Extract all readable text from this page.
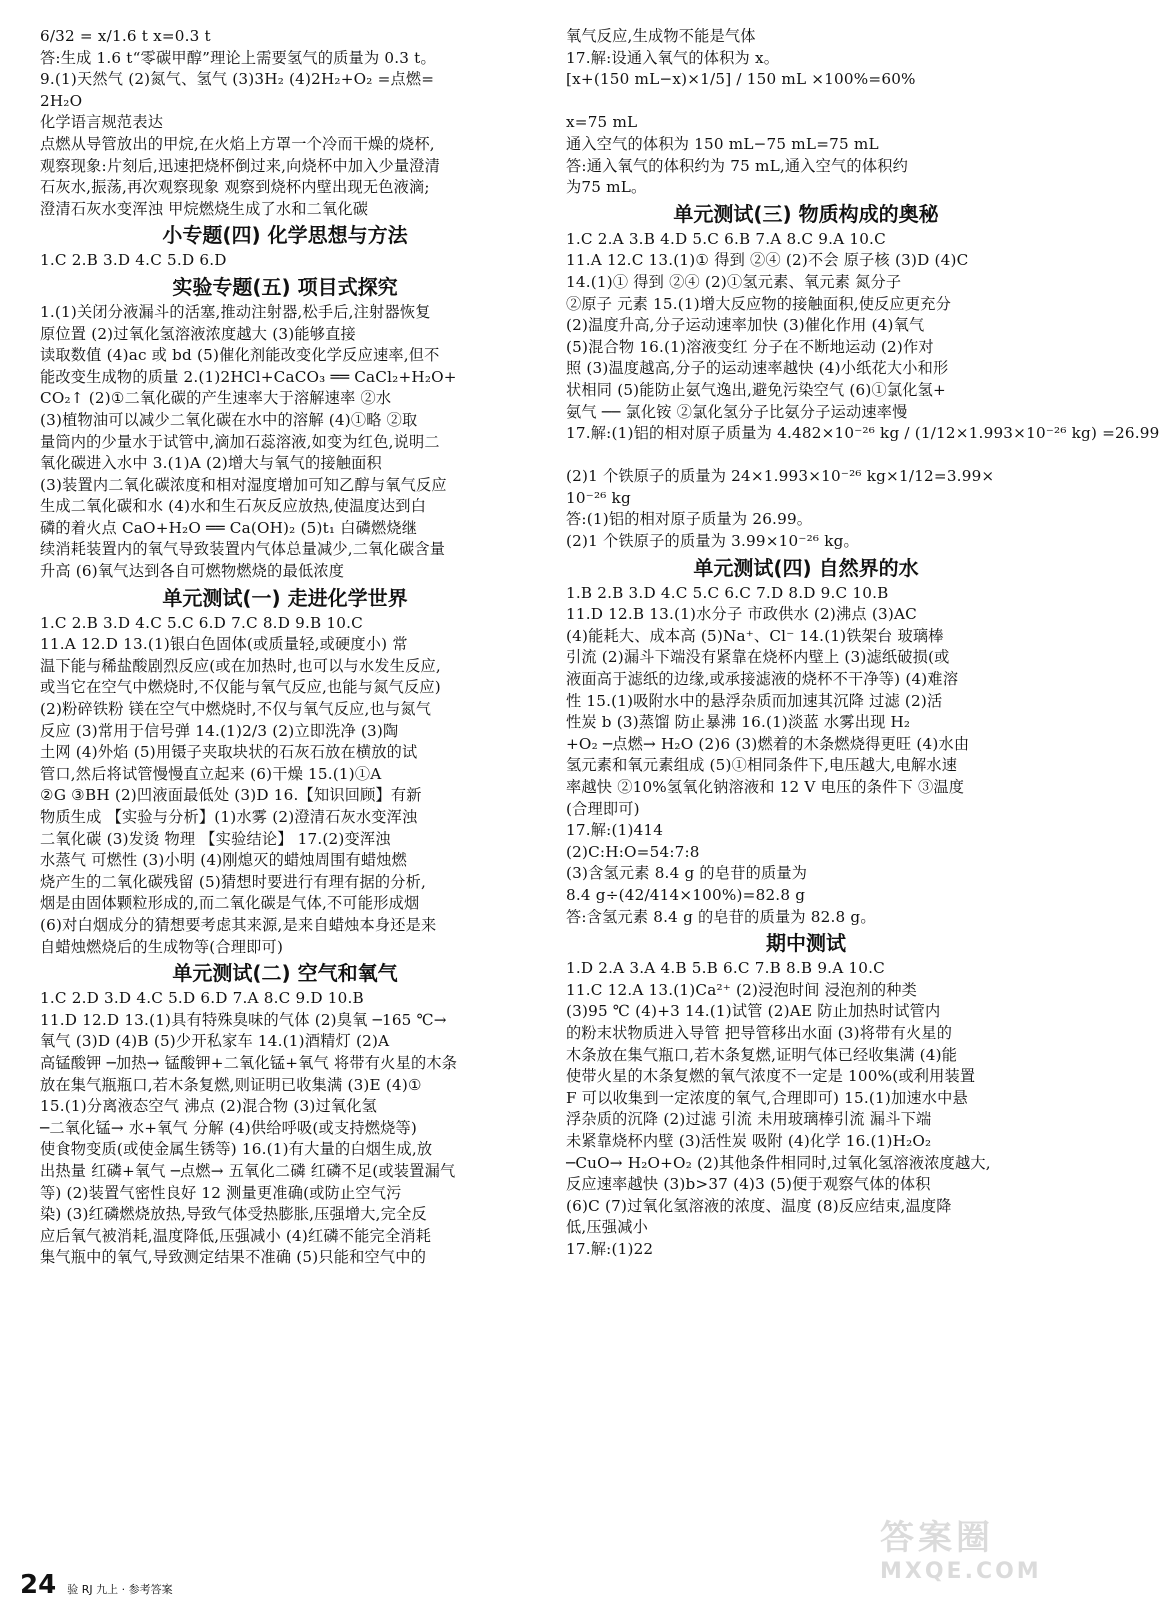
6/32 = x/1.6 t x=0.3 t
答:生成 1.6 t“零碳甲醇”理论上需要氢气的质量为 0.3 t。
9.(1)天然气 (2)氮气、氢气 (3)3H₂ (4)2H₂+O₂ =点燃=
2H₂O
化学语言规范表达
点燃从导管放出的甲烷,在火焰上方罩一个冷而干燥的烧杯,
观察现象:片刻后,迅速把烧杯倒过来,向烧杯中加入少量澄清
石灰水,振荡,再次观察现象 观察到烧杯内壁出现无色液滴;
澄清石灰水变浑浊 甲烷燃烧生成了水和二氧化碳
小专题(四) 化学思想与方法
1.C 2.B 3.D 4.C 5.D 6.D
实验专题(五) 项目式探究
1.(1)关闭分液漏斗的活塞,推动注射器,松手后,注射器恢复
原位置 (2)过氧化氢溶液浓度越大 (3)能够直接
读取数值 (4)ac 或 bd (5)催化剂能改变化学反应速率,但不
能改变生成物的质量 2.(1)2HCl+CaCO₃ ══ CaCl₂+H₂O+
CO₂↑ (2)①二氧化碳的产生速率大于溶解速率 ②水
(3)植物油可以减少二氧化碳在水中的溶解 (4)①略 ②取
量筒内的少量水于试管中,滴加石蕊溶液,如变为红色,说明二
氧化碳进入水中 3.(1)A (2)增大与氧气的接触面积
(3)装置内二氧化碳浓度和相对湿度增加可知乙醇与氧气反应
生成二氧化碳和水 (4)水和生石灰反应放热,使温度达到白
磷的着火点 CaO+H₂O ══ Ca(OH)₂ (5)t₁ 白磷燃烧继
续消耗装置内的氧气导致装置内气体总量减少,二氧化碳含量
升高 (6)氧气达到各自可燃物燃烧的最低浓度
单元测试(一) 走进化学世界
1.C 2.B 3.D 4.C 5.C 6.D 7.C 8.D 9.B 10.C
11.A 12.D 13.(1)银白色固体(或质量轻,或硬度小) 常
温下能与稀盐酸剧烈反应(或在加热时,也可以与水发生反应,
或当它在空气中燃烧时,不仅能与氧气反应,也能与氮气反应)
(2)粉碎铁粉 镁在空气中燃烧时,不仅与氧气反应,也与氮气
反应 (3)常用于信号弹 14.(1)2/3 (2)立即洗净 (3)陶
土网 (4)外焰 (5)用镊子夹取块状的石灰石放在横放的试
管口,然后将试管慢慢直立起来 (6)干燥 15.(1)①A
②G ③BH (2)凹液面最低处 (3)D 16.【知识回顾】有新
物质生成 【实验与分析】(1)水雾 (2)澄清石灰水变浑浊
二氧化碳 (3)发烫 物理 【实验结论】 17.(2)变浑浊
水蒸气 可燃性 (3)小明 (4)刚熄灭的蜡烛周围有蜡烛燃
烧产生的二氧化碳残留 (5)猜想时要进行有理有据的分析,
烟是由固体颗粒形成的,而二氧化碳是气体,不可能形成烟
(6)对白烟成分的猜想要考虑其来源,是来自蜡烛本身还是来
自蜡烛燃烧后的生成物等(合理即可)
单元测试(二) 空气和氧气
1.C 2.D 3.D 4.C 5.D 6.D 7.A 8.C 9.D 10.B
11.D 12.D 13.(1)具有特殊臭味的气体 (2)臭氧 ─165 ℃→
氧气 (3)D (4)B (5)少开私家车 14.(1)酒精灯 (2)A
高锰酸钾 ─加热→ 锰酸钾+二氧化锰+氧气 将带有火星的木条
放在集气瓶瓶口,若木条复燃,则证明已收集满 (3)E (4)①
15.(1)分离液态空气 沸点 (2)混合物 (3)过氧化氢
─二氧化锰→ 水+氧气 分解 (4)供给呼吸(或支持燃烧等)
使食物变质(或使金属生锈等) 16.(1)有大量的白烟生成,放
出热量 红磷+氧气 ─点燃→ 五氧化二磷 红磷不足(或装置漏气
等) (2)装置气密性良好 12 测量更准确(或防止空气污
染) (3)红磷燃烧放热,导致气体受热膨胀,压强增大,完全反
应后氧气被消耗,温度降低,压强减小 (4)红磷不能完全消耗
集气瓶中的氧气,导致测定结果不准确 (5)只能和空气中的
氧气反应,生成物不能是气体
17.解:设通入氧气的体积为 x。
[x+(150 mL−x)×1/5] / 150 mL ×100%=60%

x=75 mL
通入空气的体积为 150 mL−75 mL=75 mL
答:通入氧气的体积约为 75 mL,通入空气的体积约
为75 mL。
单元测试(三) 物质构成的奥秘
1.C 2.A 3.B 4.D 5.C 6.B 7.A 8.C 9.A 10.C
11.A 12.C 13.(1)① 得到 ②④ (2)不会 原子核 (3)D (4)C
14.(1)① 得到 ②④ (2)①氢元素、氧元素 氮分子
②原子 元素 15.(1)增大反应物的接触面积,使反应更充分
(2)温度升高,分子运动速率加快 (3)催化作用 (4)氧气
(5)混合物 16.(1)溶液变红 分子在不断地运动 (2)作对
照 (3)温度越高,分子的运动速率越快 (4)小纸花大小和形
状相同 (5)能防止氨气逸出,避免污染空气 (6)①氯化氢+
氨气 ── 氯化铵 ②氯化氢分子比氨分子运动速率慢
17.解:(1)铝的相对原子质量为 4.482×10⁻²⁶ kg / (1/12×1.993×10⁻²⁶ kg) =26.99

(2)1 个铁原子的质量为 24×1.993×10⁻²⁶ kg×1/12=3.99×
10⁻²⁶ kg
答:(1)铝的相对原子质量为 26.99。
(2)1 个铁原子的质量为 3.99×10⁻²⁶ kg。
单元测试(四) 自然界的水
1.B 2.B 3.D 4.C 5.C 6.C 7.D 8.D 9.C 10.B
11.D 12.B 13.(1)水分子 市政供水 (2)沸点 (3)AC
(4)能耗大、成本高 (5)Na⁺、Cl⁻ 14.(1)铁架台 玻璃棒
引流 (2)漏斗下端没有紧靠在烧杯内壁上 (3)滤纸破损(或
液面高于滤纸的边缘,或承接滤液的烧杯不干净等) (4)难溶
性 15.(1)吸附水中的悬浮杂质而加速其沉降 过滤 (2)活
性炭 b (3)蒸馏 防止暴沸 16.(1)淡蓝 水雾出现 H₂
+O₂ ─点燃→ H₂O (2)6 (3)燃着的木条燃烧得更旺 (4)水由
氢元素和氧元素组成 (5)①相同条件下,电压越大,电解水速
率越快 ②10%氢氧化钠溶液和 12 V 电压的条件下 ③温度
(合理即可)
17.解:(1)414
(2)C:H:O=54:7:8
(3)含氢元素 8.4 g 的皂苷的质量为
8.4 g÷(42/414×100%)=82.8 g
答:含氢元素 8.4 g 的皂苷的质量为 82.8 g。
期中测试
1.D 2.A 3.A 4.B 5.B 6.C 7.B 8.B 9.A 10.C
11.C 12.A 13.(1)Ca²⁺ (2)浸泡时间 浸泡剂的种类
(3)95 ℃ (4)+3 14.(1)试管 (2)AE 防止加热时试管内
的粉末状物质进入导管 把导管移出水面 (3)将带有火星的
木条放在集气瓶口,若木条复燃,证明气体已经收集满 (4)能
使带火星的木条复燃的氧气浓度不一定是 100%(或利用装置
F 可以收集到一定浓度的氧气,合理即可) 15.(1)加速水中悬
浮杂质的沉降 (2)过滤 引流 未用玻璃棒引流 漏斗下端
未紧靠烧杯内壁 (3)活性炭 吸附 (4)化学 16.(1)H₂O₂
─CuO→ H₂O+O₂ (2)其他条件相同时,过氧化氢溶液浓度越大,
反应速率越快 (3)b>37 (4)3 (5)便于观察气体的体积
(6)C (7)过氧化氢溶液的浓度、温度 (8)反应结束,温度降
低,压强减小
17.解:(1)22
24 验 RJ 九上 · 参考答案
答案圈
MXQE.COM
